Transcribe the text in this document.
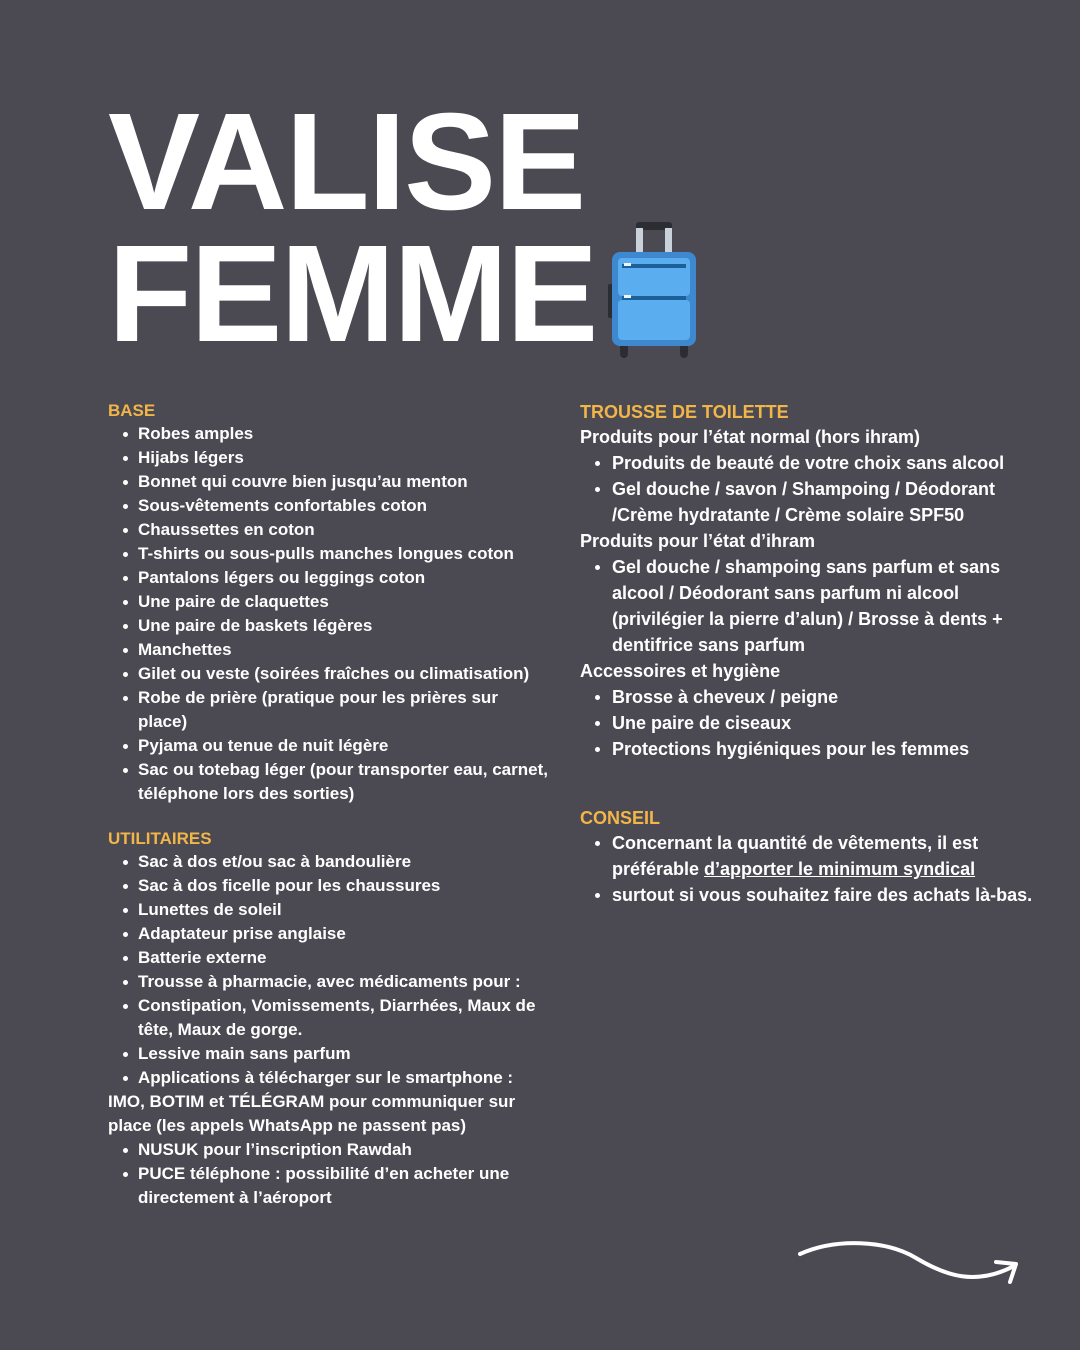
VALISE
FEMME

BASE

Robes amples
Hijabs légers
Bonnet qui couvre bien jusqu’au menton
Sous-vêtements confortables coton
Chaussettes en coton
T-shirts ou sous-pulls manches longues coton
Pantalons légers ou leggings coton
Une paire de claquettes
Une paire de baskets légères
Manchettes
Gilet ou veste (soirées fraîches ou climatisation)
Robe de prière (pratique pour les prières sur place)
Pyjama ou tenue de nuit légère
Sac ou totebag léger (pour transporter eau, carnet, téléphone lors des sorties)

UTILITAIRES

Sac à dos et/ou sac à bandoulière
Sac à dos ficelle pour les chaussures
Lunettes de soleil
Adaptateur prise anglaise
Batterie externe
Trousse à pharmacie, avec médicaments pour :
Constipation, Vomissements, Diarrhées, Maux de tête, Maux de gorge.
Lessive main sans parfum
Applications à télécharger sur le smartphone : IMO, BOTIM et TÉLÉGRAM pour communiquer sur place (les appels WhatsApp ne passent pas)
NUSUK pour l’inscription Rawdah
PUCE téléphone : possibilité d’en acheter une directement à l’aéroport

TROUSSE DE TOILETTE

Produits pour l’état normal (hors ihram)

Produits de beauté de votre choix sans alcool
Gel douche / savon / Shampoing / Déodorant /Crème hydratante / Crème solaire SPF50

Produits pour l’état d’ihram

Gel douche / shampoing sans parfum et sans alcool / Déodorant sans parfum ni alcool (privilégier la pierre d’alun) / Brosse à dents + dentifrice sans parfum

Accessoires et hygiène

Brosse à cheveux / peigne
Une paire de ciseaux
Protections hygiéniques pour les femmes

CONSEIL

Concernant la quantité de vêtements, il est préférable d’apporter le minimum syndical
surtout si vous souhaitez faire des achats là-bas.
